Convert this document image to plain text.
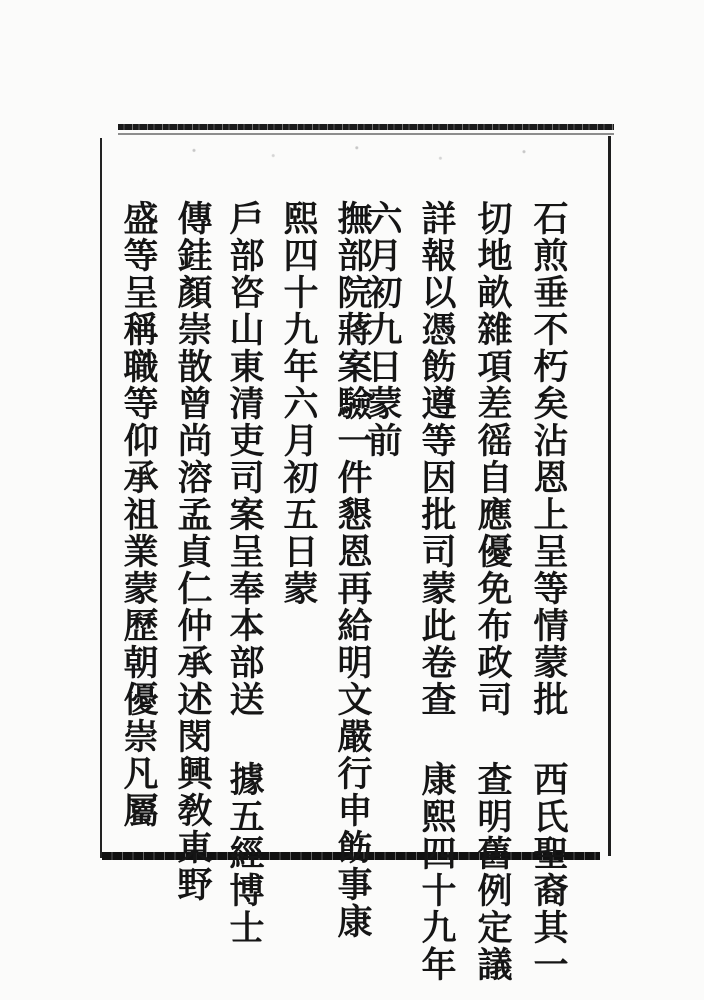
石煎垂不朽矣沾恩上呈等情蒙批 西氏聖裔其一
切地畝雜項差徭自應優免布政司 查明舊例定議
詳報以憑飭遵等因批司蒙此卷查 康熙四十九年
六月初九日蒙前
撫部院蔣案驗一件懇恩再給明文嚴行申飭事康
熙四十九年六月初五日蒙
戶部咨山東清吏司案呈奉本部送 據五經博士
傳銈顏崇㪚曾尚溶孟貞仁仲承述閔興敎東野
盛等呈稱職等仰承祖業蒙歷朝優崇凡屬
